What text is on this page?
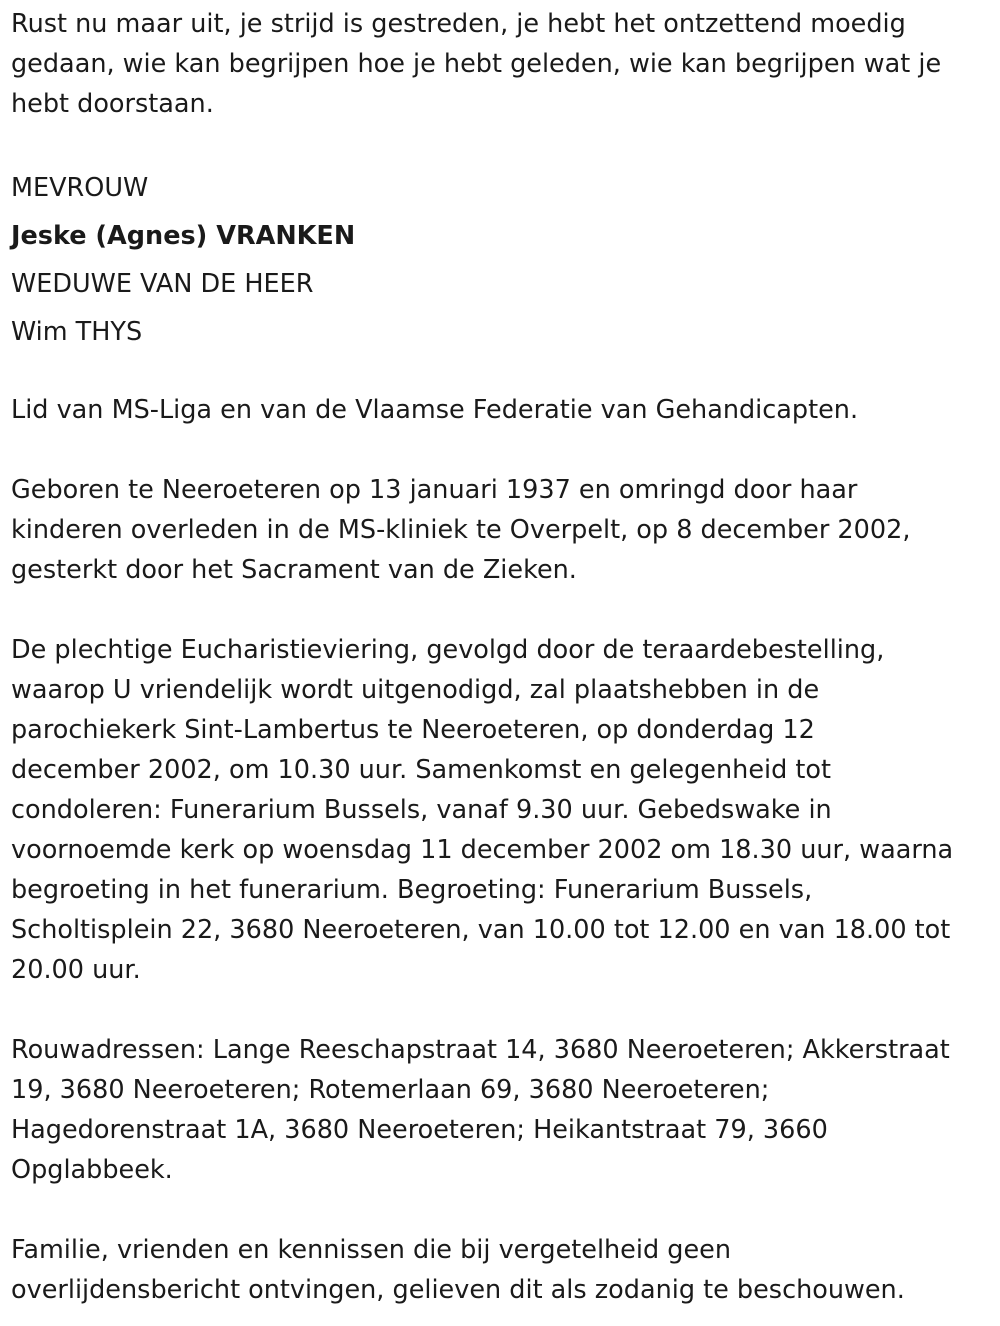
Rust nu maar uit, je strijd is gestreden, je hebt het ontzettend moedig
gedaan, wie kan begrijpen hoe je hebt geleden, wie kan begrijpen wat je
hebt doorstaan.

MEVROUW
Jeske (Agnes) VRANKEN
WEDUWE VAN DE HEER
Wim THYS

Lid van MS-Liga en van de Vlaamse Federatie van Gehandicapten.

Geboren te Neeroeteren op 13 januari 1937 en omringd door haar
kinderen overleden in de MS-kliniek te Overpelt, op 8 december 2002,
gesterkt door het Sacrament van de Zieken.

De plechtige Eucharistieviering, gevolgd door de teraardebestelling,
waarop U vriendelijk wordt uitgenodigd, zal plaatshebben in de
parochiekerk Sint-Lambertus te Neeroeteren, op donderdag 12
december 2002, om 10.30 uur. Samenkomst en gelegenheid tot
condoleren: Funerarium Bussels, vanaf 9.30 uur. Gebedswake in
voornoemde kerk op woensdag 11 december 2002 om 18.30 uur, waarna
begroeting in het funerarium. Begroeting: Funerarium Bussels,
Scholtisplein 22, 3680 Neeroeteren, van 10.00 tot 12.00 en van 18.00 tot
20.00 uur.

Rouwadressen: Lange Reeschapstraat 14, 3680 Neeroeteren; Akkerstraat
19, 3680 Neeroeteren; Rotemerlaan 69, 3680 Neeroeteren;
Hagedorenstraat 1A, 3680 Neeroeteren; Heikantstraat 79, 3660
Opglabbeek.

Familie, vrienden en kennissen die bij vergetelheid geen
overlijdensbericht ontvingen, gelieven dit als zodanig te beschouwen.
